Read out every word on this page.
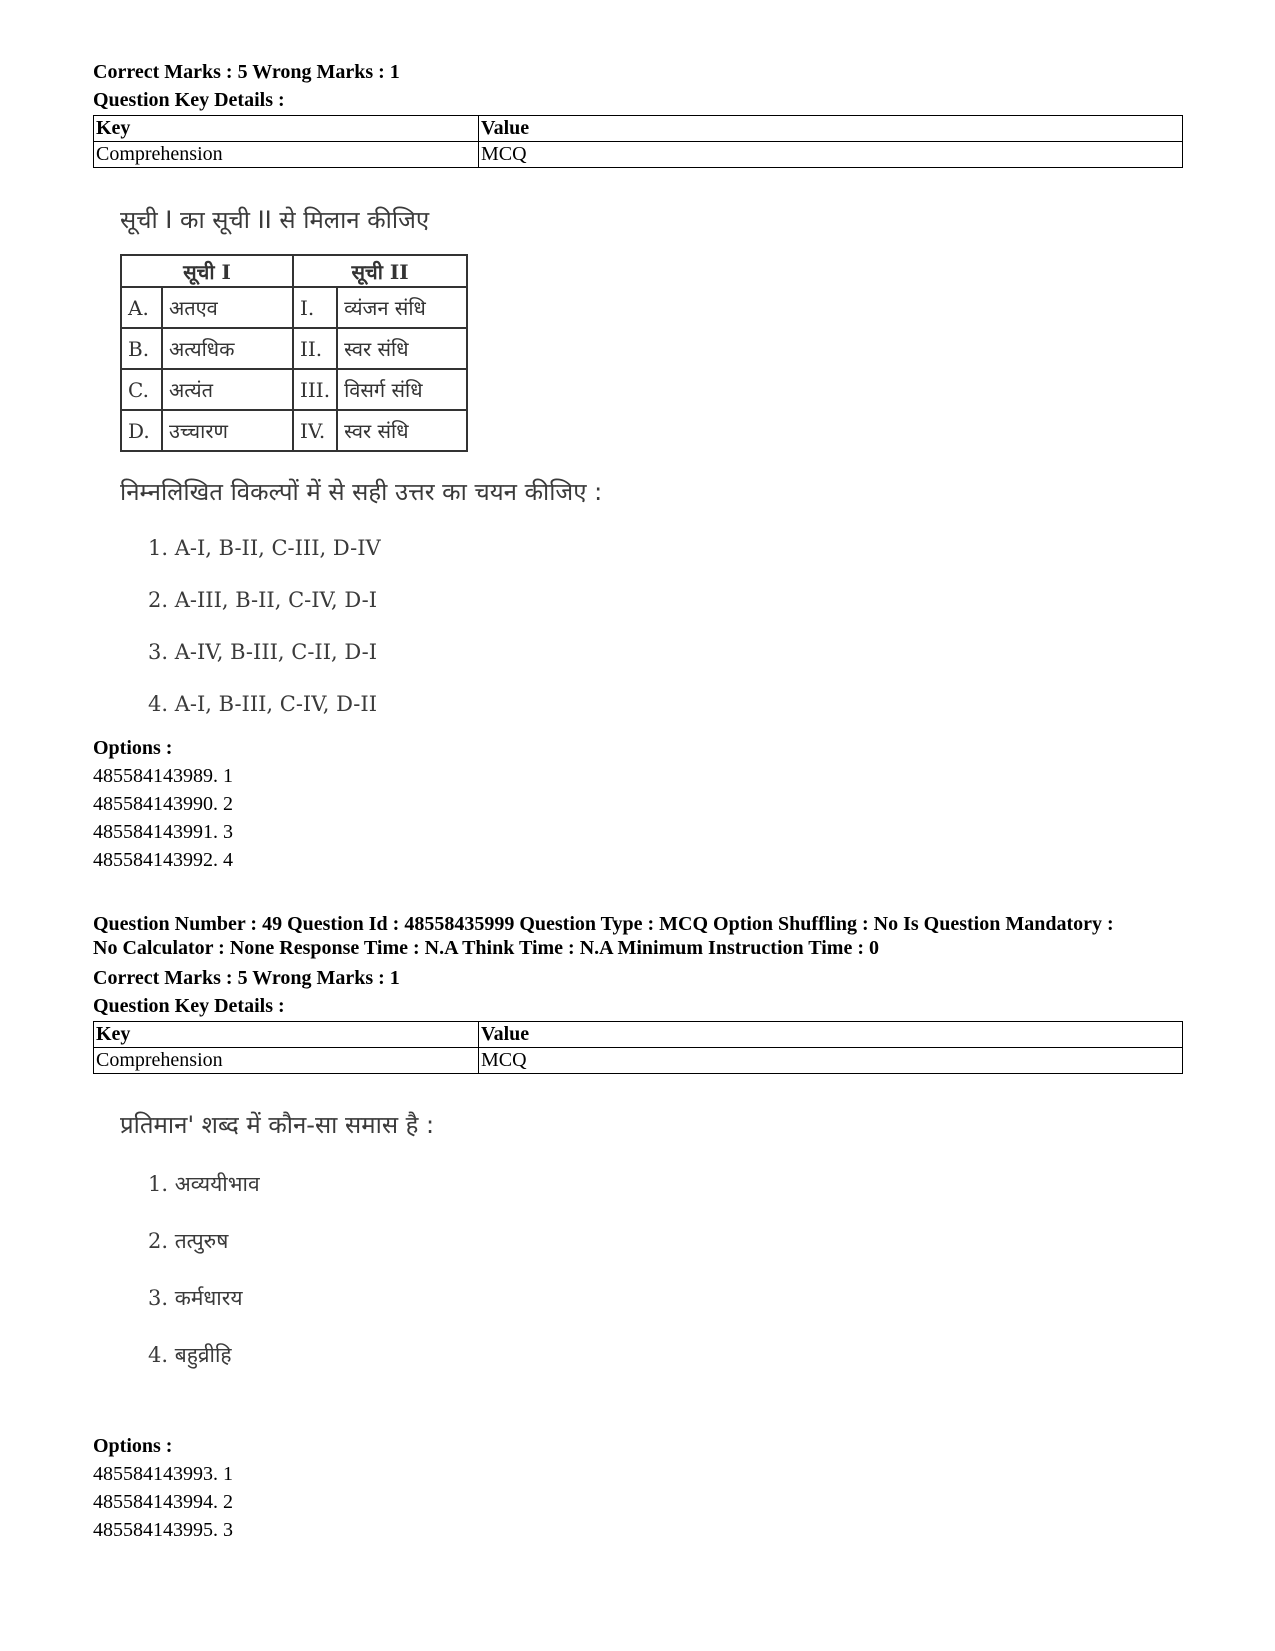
Correct Marks : 5 Wrong Marks : 1
Question Key Details :
Key	Value
Comprehension	MCQ
सूची I का सूची II से मिलान कीजिए
सूची I		सूची II	
A.	अतएव	I.	व्यंजन संधि
B.	अत्यधिक	II.	स्वर संधि
C.	अत्यंत	III.	विसर्ग संधि
D.	उच्चारण	IV.	स्वर संधि
निम्नलिखित विकल्पों में से सही उत्तर का चयन कीजिए :
1. A-I, B-II, C-III, D-IV
2. A-III, B-II, C-IV, D-I
3. A-IV, B-III, C-II, D-I
4. A-I, B-III, C-IV, D-II
Options :
485584143989. 1
485584143990. 2
485584143991. 3
485584143992. 4
Question Number : 49 Question Id : 48558435999 Question Type : MCQ Option Shuffling : No Is Question Mandatory :
No Calculator : None Response Time : N.A Think Time : N.A Minimum Instruction Time : 0
Correct Marks : 5 Wrong Marks : 1
Question Key Details :
Key	Value
Comprehension	MCQ
प्रतिमान' शब्द में कौन-सा समास है :
1. अव्ययीभाव
2. तत्पुरुष
3. कर्मधारय
4. बहुव्रीहि
Options :
485584143993. 1
485584143994. 2
485584143995. 3
